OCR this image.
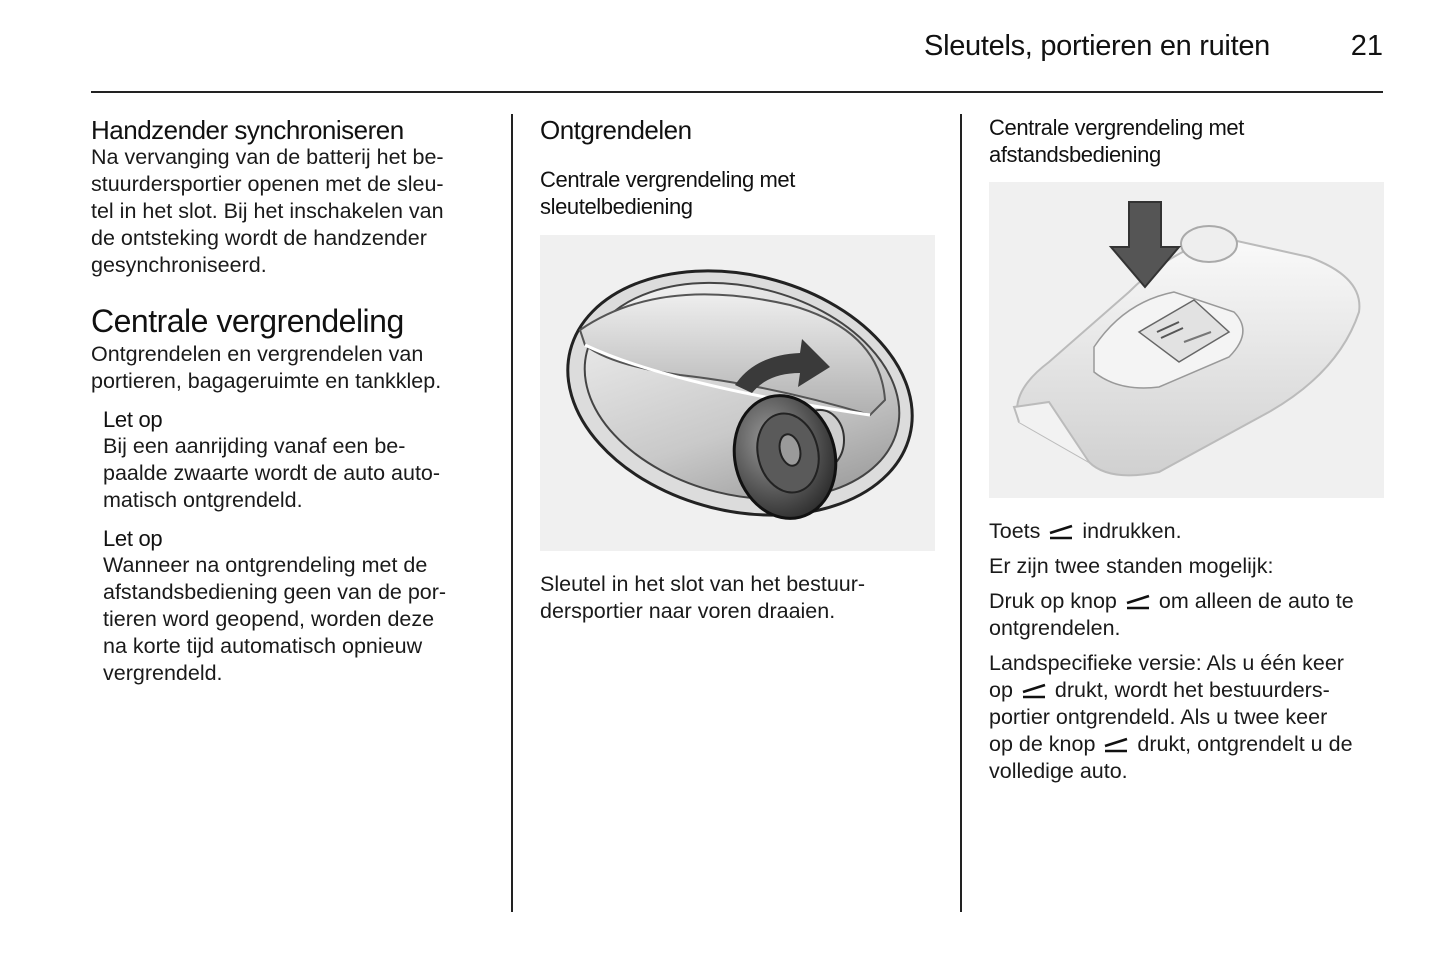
Sleutels, portieren en ruiten	21
Handzender synchroniseren

Na vervanging van de batterij het be-

stuurdersportier openen met de sleu-

tel in het slot. Bij het inschakelen van

de ontsteking wordt de handzender

gesynchroniseerd.

Centrale vergrendeling

Ontgrendelen en vergrendelen van

portieren, bagageruimte en tankklep.

Let op

Bij een aanrijding vanaf een be-

paalde zwaarte wordt de auto auto-

matisch ontgrendeld.

Let op

Wanneer na ontgrendeling met de

afstandsbediening geen van de por-

tieren word geopend, worden deze

na korte tijd automatisch opnieuw

vergrendeld.

Ontgrendelen
Centrale vergrendeling met
sleutelbediening

Sleutel in het slot van het bestuur-

dersportier naar voren draaien.

Centrale vergrendeling met
afstandsbediening

Toets indrukken.

Er zijn twee standen mogelijk:

Druk op knop om alleen de auto te

ontgrendelen.

Landspecifieke versie: Als u één keer

op drukt, wordt het bestuurders-

portier ontgrendeld. Als u twee keer

op de knop drukt, ontgrendelt u de

volledige auto.
